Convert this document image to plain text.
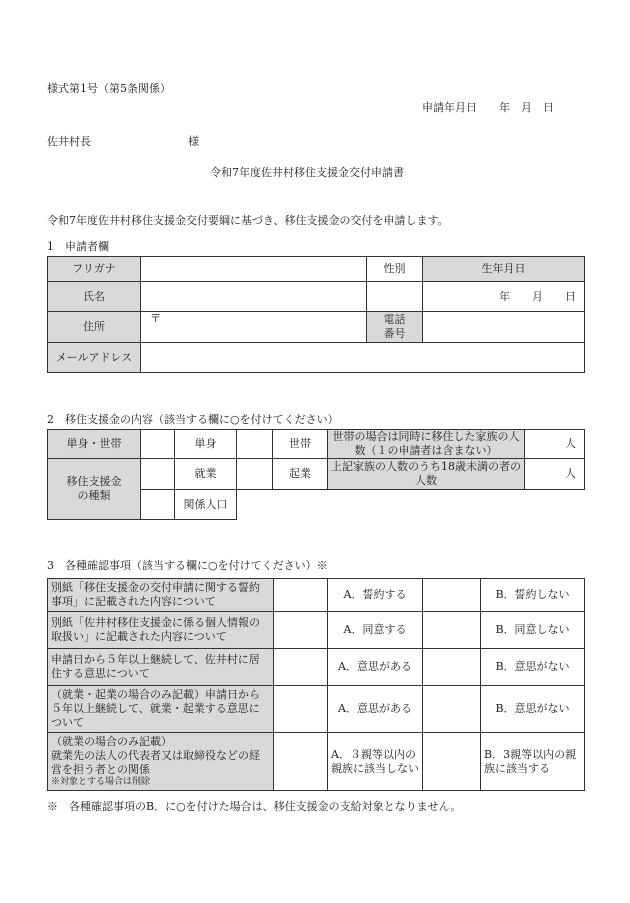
様式第1号（第5条関係）
申請年月日　　年　月　日
佐井村長	様
令和7年度佐井村移住支援金交付申請書
令和7年度佐井村移住支援金交付要綱に基づき、移住支援金の交付を申請します。
1　申請者欄
フリガナ		性別	生年月日
氏名			年　　月　　日
住所	〒	電話
番号	
メールアドレス			
2　移住支援金の内容（該当する欄に○を付けてください）
単身・世帯		単身		世帯	世帯の場合は同時に移住した家族の人数（１の申請者は含まない）	人
移住支援金
の種類		就業		起業	上記家族の人数のうち18歳未満の者の人数	人
		関係人口				
3　各種確認事項（該当する欄に○を付けてください）※
別紙「移住支援金の交付申請に関する誓約事項」に記載された内容について		A．誓約する		B．誓約しない
別紙「佐井村移住支援金に係る個人情報の取扱い」に記載された内容について		A．同意する		B．同意しない
申請日から５年以上継続して、佐井村に居住する意思について		A．意思がある		B．意思がない
（就業・起業の場合のみ記載）申請日から５年以上継続して、就業・起業する意思について		A．意思がある		B．意思がない

（就業の場合のみ記載）
就業先の法人の代表者又は取締役などの経営を担う者との関係
※対象とする場合は削除		A．３親等以内の親族に該当しない		B．3親等以内の親族に該当する
※　各種確認事項のB．に○を付けた場合は、移住支援金の支給対象となりません。
